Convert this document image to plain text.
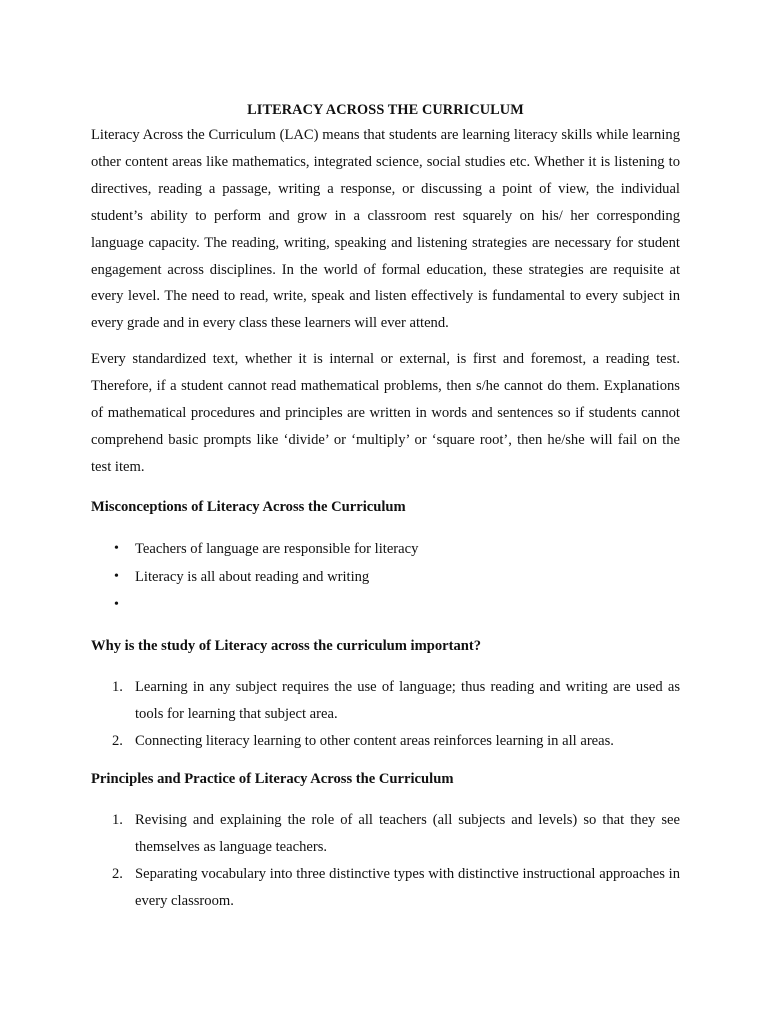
LITERACY ACROSS THE CURRICULUM

Literacy Across the Curriculum (LAC) means that students are learning literacy skills while learning other content areas like mathematics, integrated science, social studies etc. Whether it is listening to directives, reading a passage, writing a response, or discussing a point of view, the individual student’s ability to perform and grow in a classroom rest squarely on his/ her corresponding language capacity. The reading, writing, speaking and listening strategies are necessary for student engagement across disciplines. In the world of formal education, these strategies are requisite at every level. The need to read, write, speak and listen effectively is fundamental to every subject in every grade and in every class these learners will ever attend.

Every standardized text, whether it is internal or external, is first and foremost, a reading test. Therefore, if a student cannot read mathematical problems, then s/he cannot do them. Explanations of mathematical procedures and principles are written in words and sentences so if students cannot comprehend basic prompts like ‘divide’ or ‘multiply’ or ‘square root’, then he/she will fail on the test item.

Misconceptions of Literacy Across the Curriculum
• Teachers of language are responsible for literacy
• Literacy is all about reading and writing
•
Why is the study of Literacy across the curriculum important?
1. Learning in any subject requires the use of language; thus reading and writing are used as tools for learning that subject area.
2. Connecting literacy learning to other content areas reinforces learning in all areas.
Principles and Practice of Literacy Across the Curriculum
1. Revising and explaining the role of all teachers (all subjects and levels) so that they see themselves as language teachers.
2. Separating vocabulary into three distinctive types with distinctive instructional approaches in every classroom.
